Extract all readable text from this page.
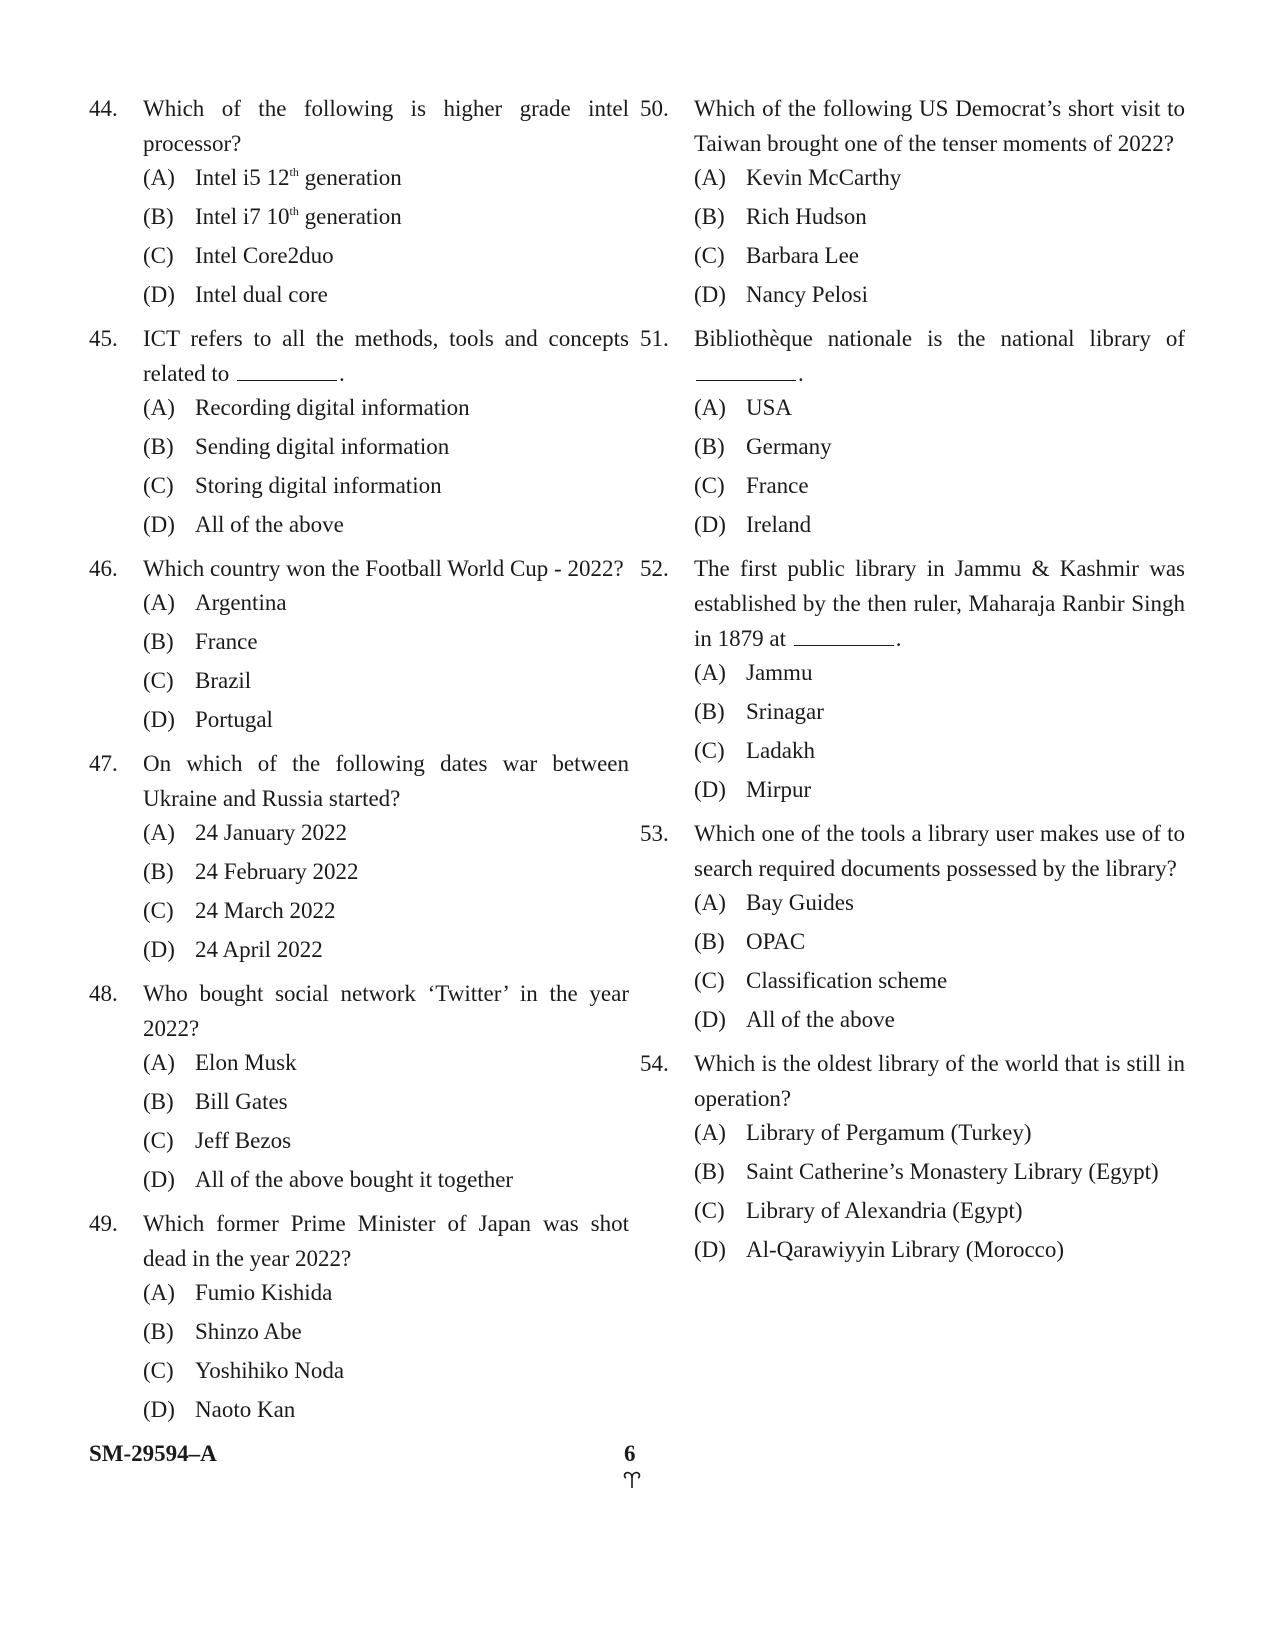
44.	Which of the following is higher grade intel processor?
(A) Intel i5 12th generation
(B) Intel i7 10th generation
(C) Intel Core2duo
(D) Intel dual core
45.	ICT refers to all the methods, tools and concepts related to	.
(A) Recording digital information
(B) Sending digital information
(C) Storing digital information
(D) All of the above
46.	Which country won the Football World Cup - 2022?
(A) Argentina
(B) France
(C) Brazil
(D) Portugal
47.	On which of the following dates war between Ukraine and Russia started?
(A) 24 January 2022
(B) 24 February 2022
(C) 24 March 2022
(D) 24 April 2022
48.	Who bought social network ‘Twitter’ in the year 2022?
(A) Elon Musk
(B) Bill Gates
(C) Jeff Bezos
(D) All of the above bought it together
49.	Which former Prime Minister of Japan was shot dead in the year 2022?
(A) Fumio Kishida
(B) Shinzo Abe
(C) Yoshihiko Noda
(D) Naoto Kan
50.	Which of the following US Democrat’s short visit to Taiwan brought one of the tenser moments of 2022?
(A) Kevin McCarthy
(B) Rich Hudson
(C) Barbara Lee
(D) Nancy Pelosi
51.	Bibliothèque nationale is the national library of .
(A) USA
(B) Germany
(C) France
(D) Ireland
52.	The first public library in Jammu & Kashmir was established by the then ruler, Maharaja Ranbir Singh in 1879 at	.
(A) Jammu
(B) Srinagar
(C) Ladakh
(D) Mirpur
53.	Which one of the tools a library user makes use of to search required documents possessed by the library?
(A) Bay Guides
(B) OPAC
(C) Classification scheme
(D) All of the above
54.	Which is the oldest library of the world that is still in operation?
(A) Library of Pergamum (Turkey)
(B) Saint Catherine’s Monastery Library (Egypt)
(C) Library of Alexandria (Egypt)
(D) Al-Qarawiyyin Library (Morocco)
SM-29594–A	6
